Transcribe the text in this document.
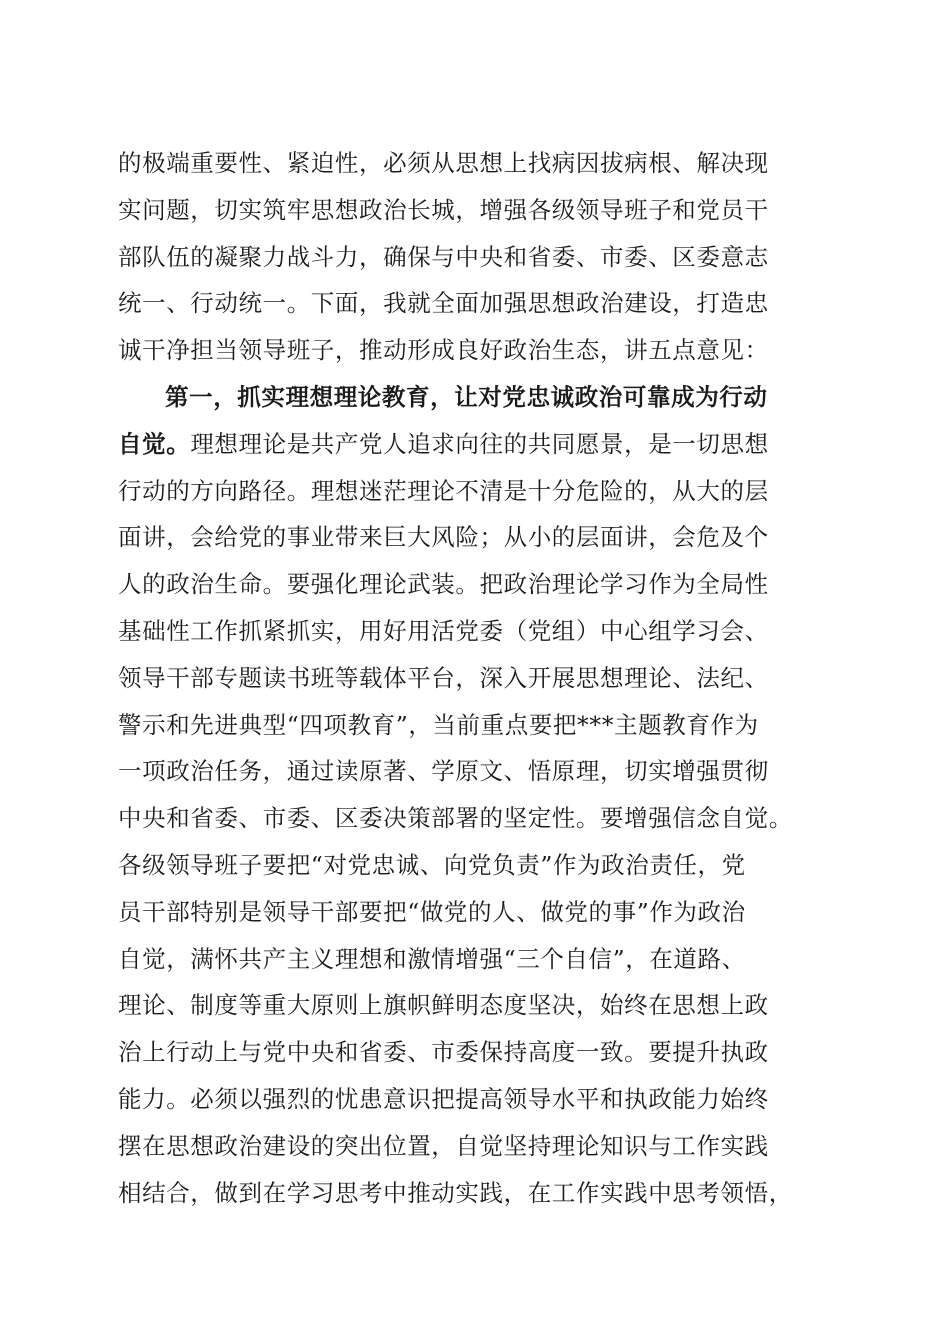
的极端重要性、紧迫性，必须从思想上找病因拔病根、解决现
实问题，切实筑牢思想政治长城，增强各级领导班子和党员干
部队伍的凝聚力战斗力，确保与中央和省委、市委、区委意志
统一、行动统一。下面，我就全面加强思想政治建设，打造忠
诚干净担当领导班子，推动形成良好政治生态，讲五点意见：
第一，抓实理想理论教育，让对党忠诚政治可靠成为行动
自觉。理想理论是共产党人追求向往的共同愿景，是一切思想
行动的方向路径。理想迷茫理论不清是十分危险的，从大的层
面讲，会给党的事业带来巨大风险；从小的层面讲，会危及个
人的政治生命。要强化理论武装。把政治理论学习作为全局性
基础性工作抓紧抓实，用好用活党委（党组）中心组学习会、
领导干部专题读书班等载体平台，深入开展思想理论、法纪、
警示和先进典型“四项教育”，当前重点要把***主题教育作为
一项政治任务，通过读原著、学原文、悟原理，切实增强贯彻
中央和省委、市委、区委决策部署的坚定性。要增强信念自觉。
各级领导班子要把“对党忠诚、向党负责”作为政治责任，党
员干部特别是领导干部要把“做党的人、做党的事”作为政治
自觉，满怀共产主义理想和激情增强“三个自信”，在道路、
理论、制度等重大原则上旗帜鲜明态度坚决，始终在思想上政
治上行动上与党中央和省委、市委保持高度一致。要提升执政
能力。必须以强烈的忧患意识把提高领导水平和执政能力始终
摆在思想政治建设的突出位置，自觉坚持理论知识与工作实践
相结合，做到在学习思考中推动实践，在工作实践中思考领悟，
